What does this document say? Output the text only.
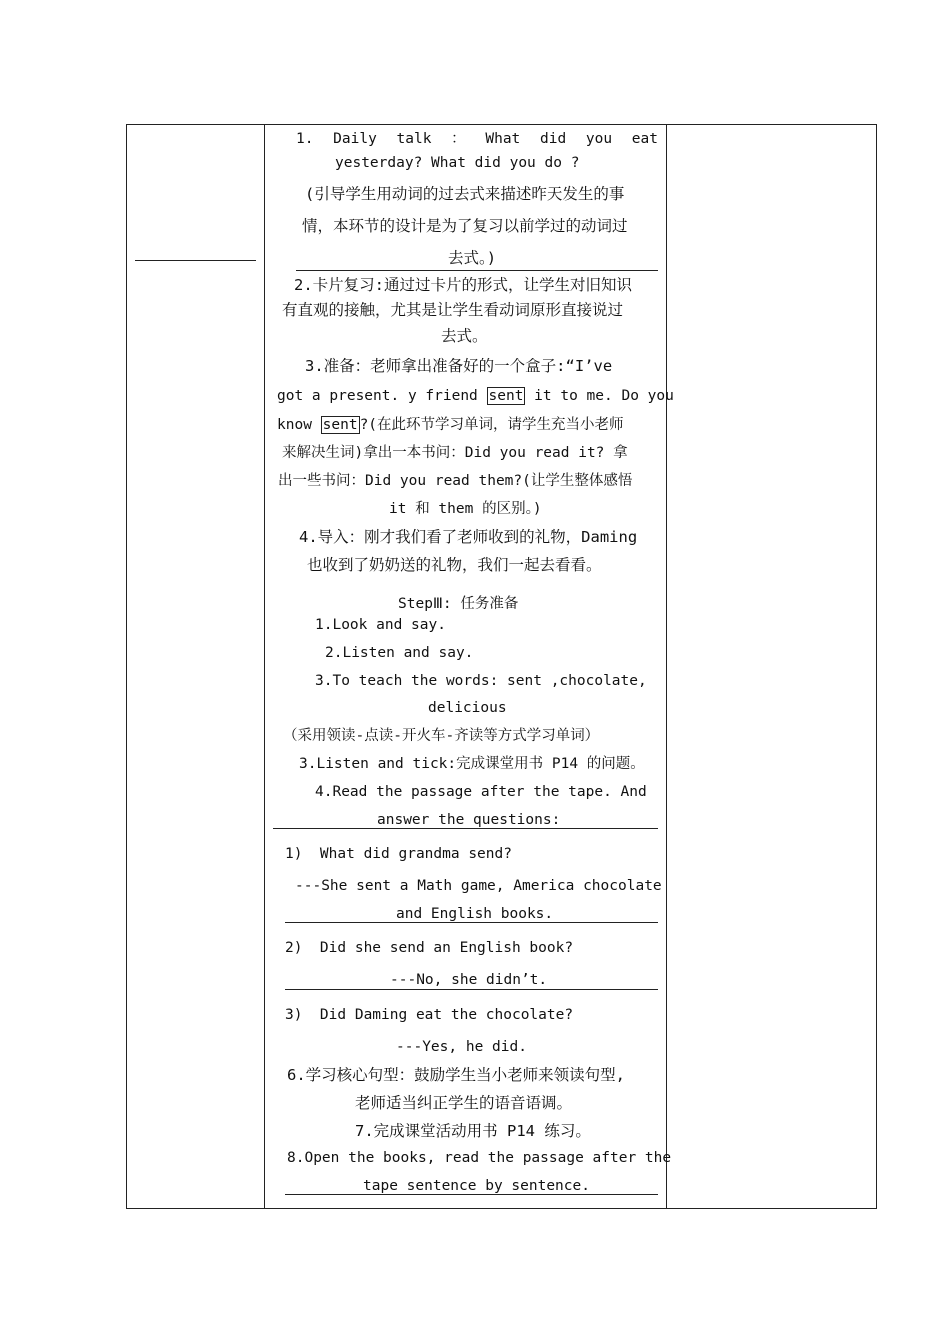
1. Daily talk ： What did you eat
yesterday? What did you do ?
(引导学生用动词的过去式来描述昨天发生的事
情，本环节的设计是为了复习以前学过的动词过
去式。)
2.卡片复习:通过过卡片的形式，让学生对旧知识
有直观的接触，尤其是让学生看动词原形直接说过
去式。
3.准备：老师拿出准备好的一个盒子:“I’ve
got a present. y friend sent it to me. Do you
know sent ?(在此环节学习单词，请学生充当小老师
来解决生词)拿出一本书问：Did you read it? 拿
出一些书问：Did you read them?(让学生整体感悟
it 和 them 的区别。)
4.导入：刚才我们看了老师收到的礼物，Daming
也收到了奶奶送的礼物，我们一起去看看。
StepⅢ: 任务准备
1.Look and say.
2.Listen and say.
3.To teach the words: sent ,chocolate,
delicious
（采用领读-点读-开火车-齐读等方式学习单词）
3.Listen and tick:完成课堂用书 P14 的问题。
4.Read the passage after the tape. And
answer the questions:
1)  What did grandma send?
---She sent a Math game, America chocolate
and English books.
2)  Did she send an English book?
---No, she didn’t.
3)  Did Daming eat the chocolate?
---Yes, he did.
6.学习核心句型：鼓励学生当小老师来领读句型,
老师适当纠正学生的语音语调。
7.完成课堂活动用书 P14 练习。
8.Open the books, read the passage after the
tape sentence by sentence.
